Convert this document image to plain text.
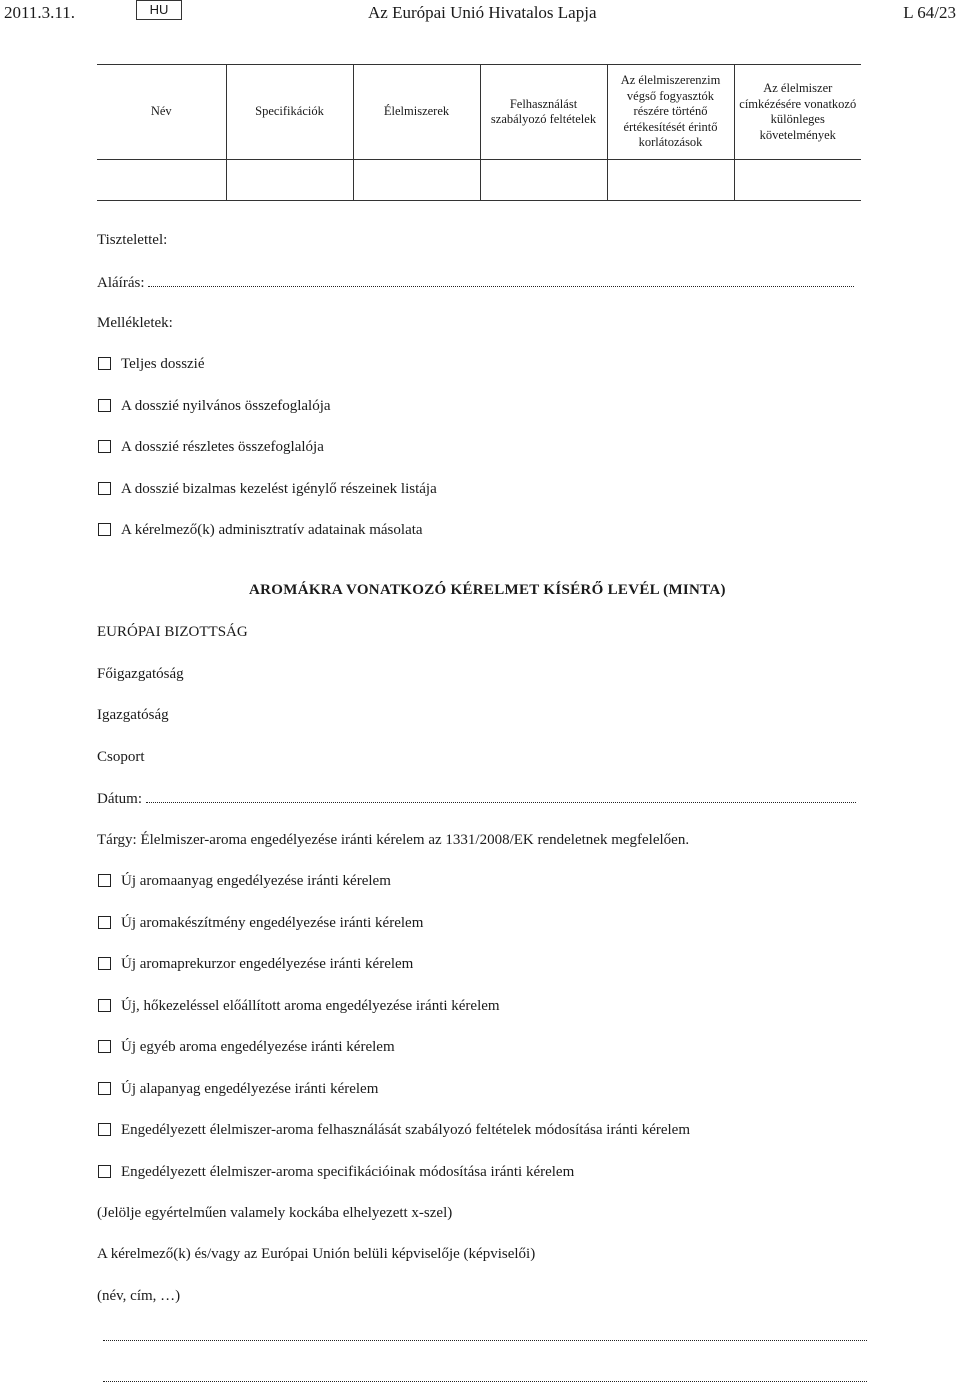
2011.3.11.	HU	Az Európai Unió Hivatalos Lapja	L 64/23
Név	Specifikációk	Élelmiszerek	Felhasználást szabályozó feltételek	Az élelmiszerenzim végső fogyasztók részére történő értékesítését érintő korlátozások	Az élelmiszer címkézésére vonatkozó különleges követelmények

Tisztelettel:
Aláírás:
Mellékletek:
Teljes dosszié
A dosszié nyilvános összefoglalója
A dosszié részletes összefoglalója
A dosszié bizalmas kezelést igénylő részeinek listája
A kérelmező(k) adminisztratív adatainak másolata
AROMÁKRA VONATKOZÓ KÉRELMET KÍSÉRŐ LEVÉL (MINTA)
EURÓPAI BIZOTTSÁG
Főigazgatóság
Igazgatóság
Csoport
Dátum:
Tárgy: Élelmiszer-aroma engedélyezése iránti kérelem az 1331/2008/EK rendeletnek megfelelően.
Új aromaanyag engedélyezése iránti kérelem
Új aromakészítmény engedélyezése iránti kérelem
Új aromaprekurzor engedélyezése iránti kérelem
Új, hőkezeléssel előállított aroma engedélyezése iránti kérelem
Új egyéb aroma engedélyezése iránti kérelem
Új alapanyag engedélyezése iránti kérelem
Engedélyezett élelmiszer-aroma felhasználását szabályozó feltételek módosítása iránti kérelem
Engedélyezett élelmiszer-aroma specifikációinak módosítása iránti kérelem
(Jelölje egyértelműen valamely kockába elhelyezett x-szel)
A kérelmező(k) és/vagy az Európai Unión belüli képviselője (képviselői)
(név, cím, …)
